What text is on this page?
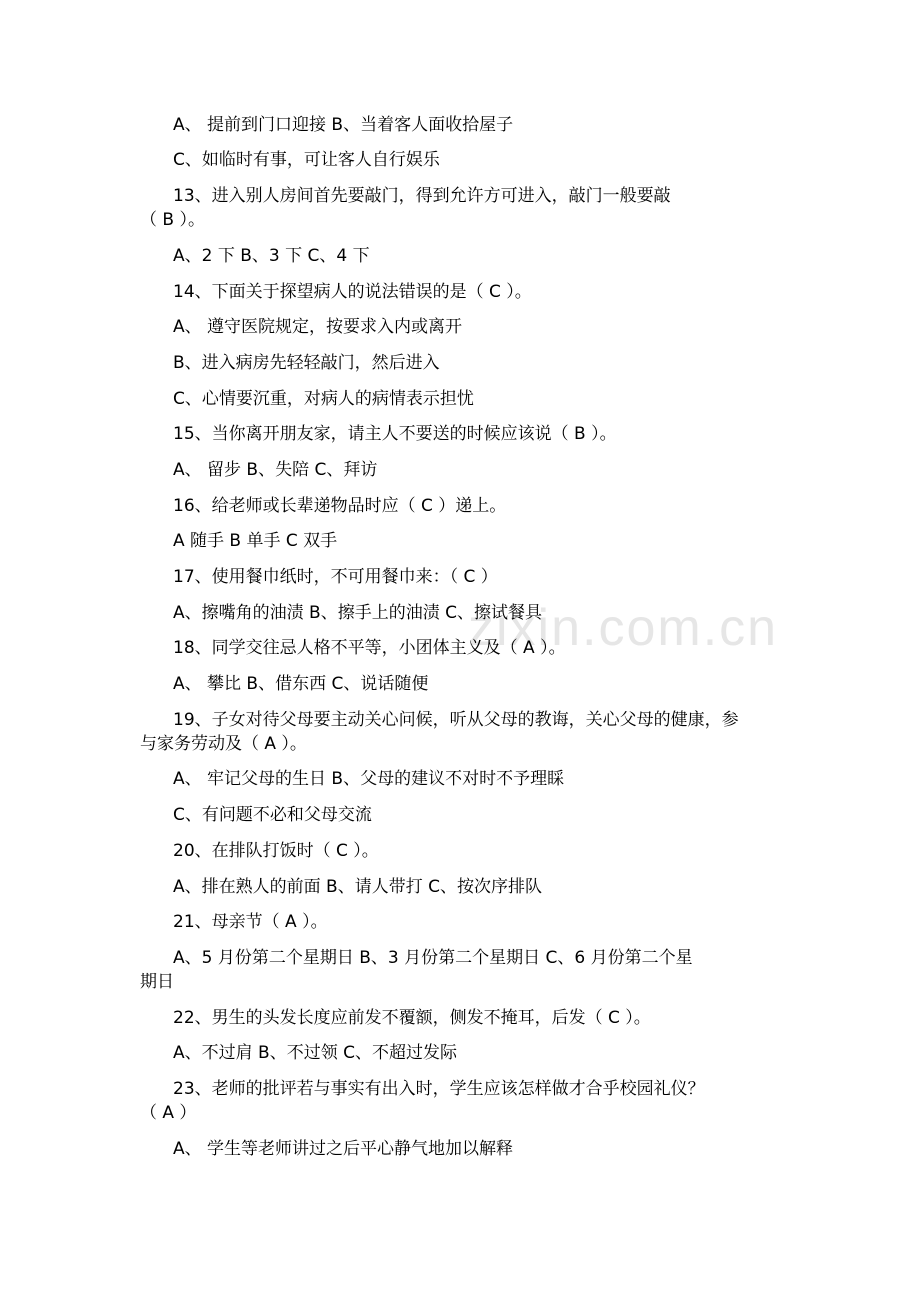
zixin.com.cn
A、 提前到门口迎接 B、当着客人面收拾屋子
C、如临时有事，可让客人自行娱乐
13、进入别人房间首先要敲门，得到允许方可进入，敲门一般要敲
（ B ）。
A、2 下 B、3 下 C、4 下
14、下面关于探望病人的说法错误的是（ C ）。
A、 遵守医院规定，按要求入内或离开
B、进入病房先轻轻敲门，然后进入
C、心情要沉重，对病人的病情表示担忧
15、当你离开朋友家，请主人不要送的时候应该说（ B ）。
A、 留步 B、失陪 C、拜访
16、给老师或长辈递物品时应（ C ）递上。
A 随手 B 单手 C 双手
17、使用餐巾纸时，不可用餐巾来：（ C ）
A、擦嘴角的油渍 B、擦手上的油渍 C、擦试餐具
18、同学交往忌人格不平等，小团体主义及（ A ）。
A、 攀比 B、借东西 C、说话随便
19、子女对待父母要主动关心问候，听从父母的教诲，关心父母的健康，参
与家务劳动及（ A ）。
A、 牢记父母的生日 B、父母的建议不对时不予理睬
C、有问题不必和父母交流
20、在排队打饭时（ C ）。
A、排在熟人的前面 B、请人带打 C、按次序排队
21、母亲节（ A ）。
A、5 月份第二个星期日 B、3 月份第二个星期日 C、6 月份第二个星
期日
22、男生的头发长度应前发不覆额，侧发不掩耳，后发（ C ）。
A、不过肩 B、不过领 C、不超过发际
23、老师的批评若与事实有出入时，学生应该怎样做才合乎校园礼仪？
（ A ）
A、 学生等老师讲过之后平心静气地加以解释
